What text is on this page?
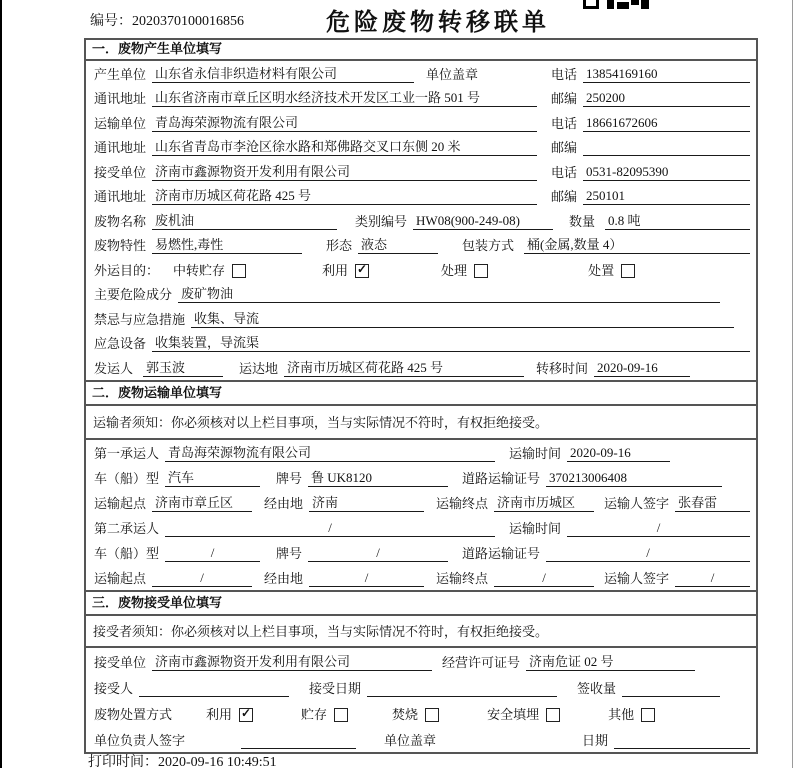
编号：2020370100016856	危险废物转移联单
一．废物产生单位填写
产生单位 山东省永信非织造材料有限公司	单位盖章	电话 13854169160
通讯地址 山东省济南市章丘区明水经济技术开发区工业一路 501 号	邮编 250200
运输单位 青岛海荣源物流有限公司	电话 18661672606
通讯地址 山东省青岛市李沧区徐水路和郑佛路交叉口东侧 20 米	邮编
接受单位 济南市鑫源物资开发利用有限公司	电话 0531-82095390
通讯地址 济南市历城区荷花路 425 号	邮编 250101
废物名称 废机油	类别编号 HW08(900-249-08)	数量 0.8 吨
废物特性 易燃性,毒性	形态 液态	包装方式 桶(金属,数量 4）
外运目的： 中转贮存	利用 ✓	处理	处置
主要危险成分 废矿物油
禁忌与应急措施 收集、导流
应急设备 收集装置，导流渠
发运人 郭玉波	运达地 济南市历城区荷花路 425 号	转移时间 2020-09-16
二．废物运输单位填写
运输者须知：你必须核对以上栏目事项，当与实际情况不符时，有权拒绝接受。
第一承运人 青岛海荣源物流有限公司	运输时间 2020-09-16
车（船）型 汽车	牌号 鲁 UK8120	道路运输证号 370213006408
运输起点 济南市章丘区	经由地 济南	运输终点 济南市历城区	运输人签字 张春雷
第二承运人	/	运输时间	/
车（船）型	/	牌号	/	道路运输证号	/
运输起点	/	经由地	/	运输终点	/	运输人签字	/
三．废物接受单位填写
接受者须知：你必须核对以上栏目事项，当与实际情况不符时，有权拒绝接受。
接受单位 济南市鑫源物资开发利用有限公司	经营许可证号 济南危证 02 号
接受人	接受日期	签收量
废物处置方式	利用 ✓	贮存	焚烧	安全填埋	其他
单位负责人签字	单位盖章	日期
打印时间：2020-09-16 10:49:51
